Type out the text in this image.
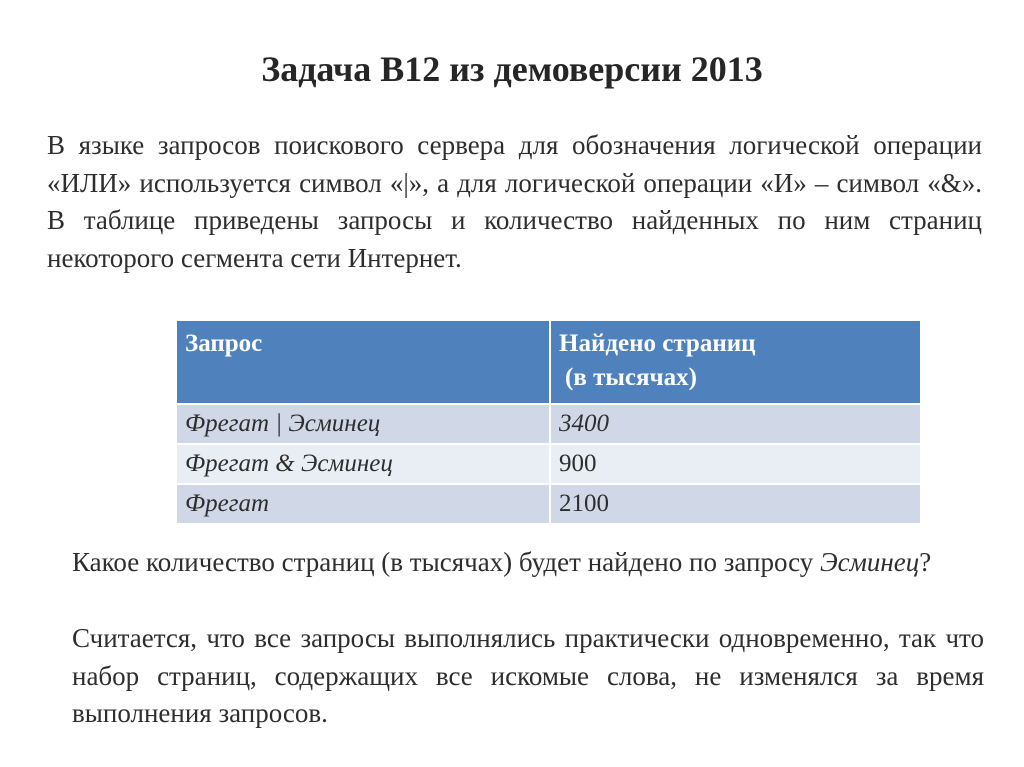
Задача В12 из демоверсии 2013
В языке запросов поискового сервера для обозначения логической операции «ИЛИ» используется символ «|», а для логической операции «И» – символ «&». В таблице приведены запросы и количество найденных по ним страниц некоторого сегмента сети Интернет.
Запрос	Найдено страниц
(в тысячах)

Фрегат | Эсминец	3400
Фрегат & Эсминец	900
Фрегат	2100
Какое количество страниц (в тысячах) будет найдено по запросу Эсминец?
Считается, что все запросы выполнялись практически одновременно, так что набор страниц, содержащих все искомые слова, не изменялся за время выполнения запросов.
